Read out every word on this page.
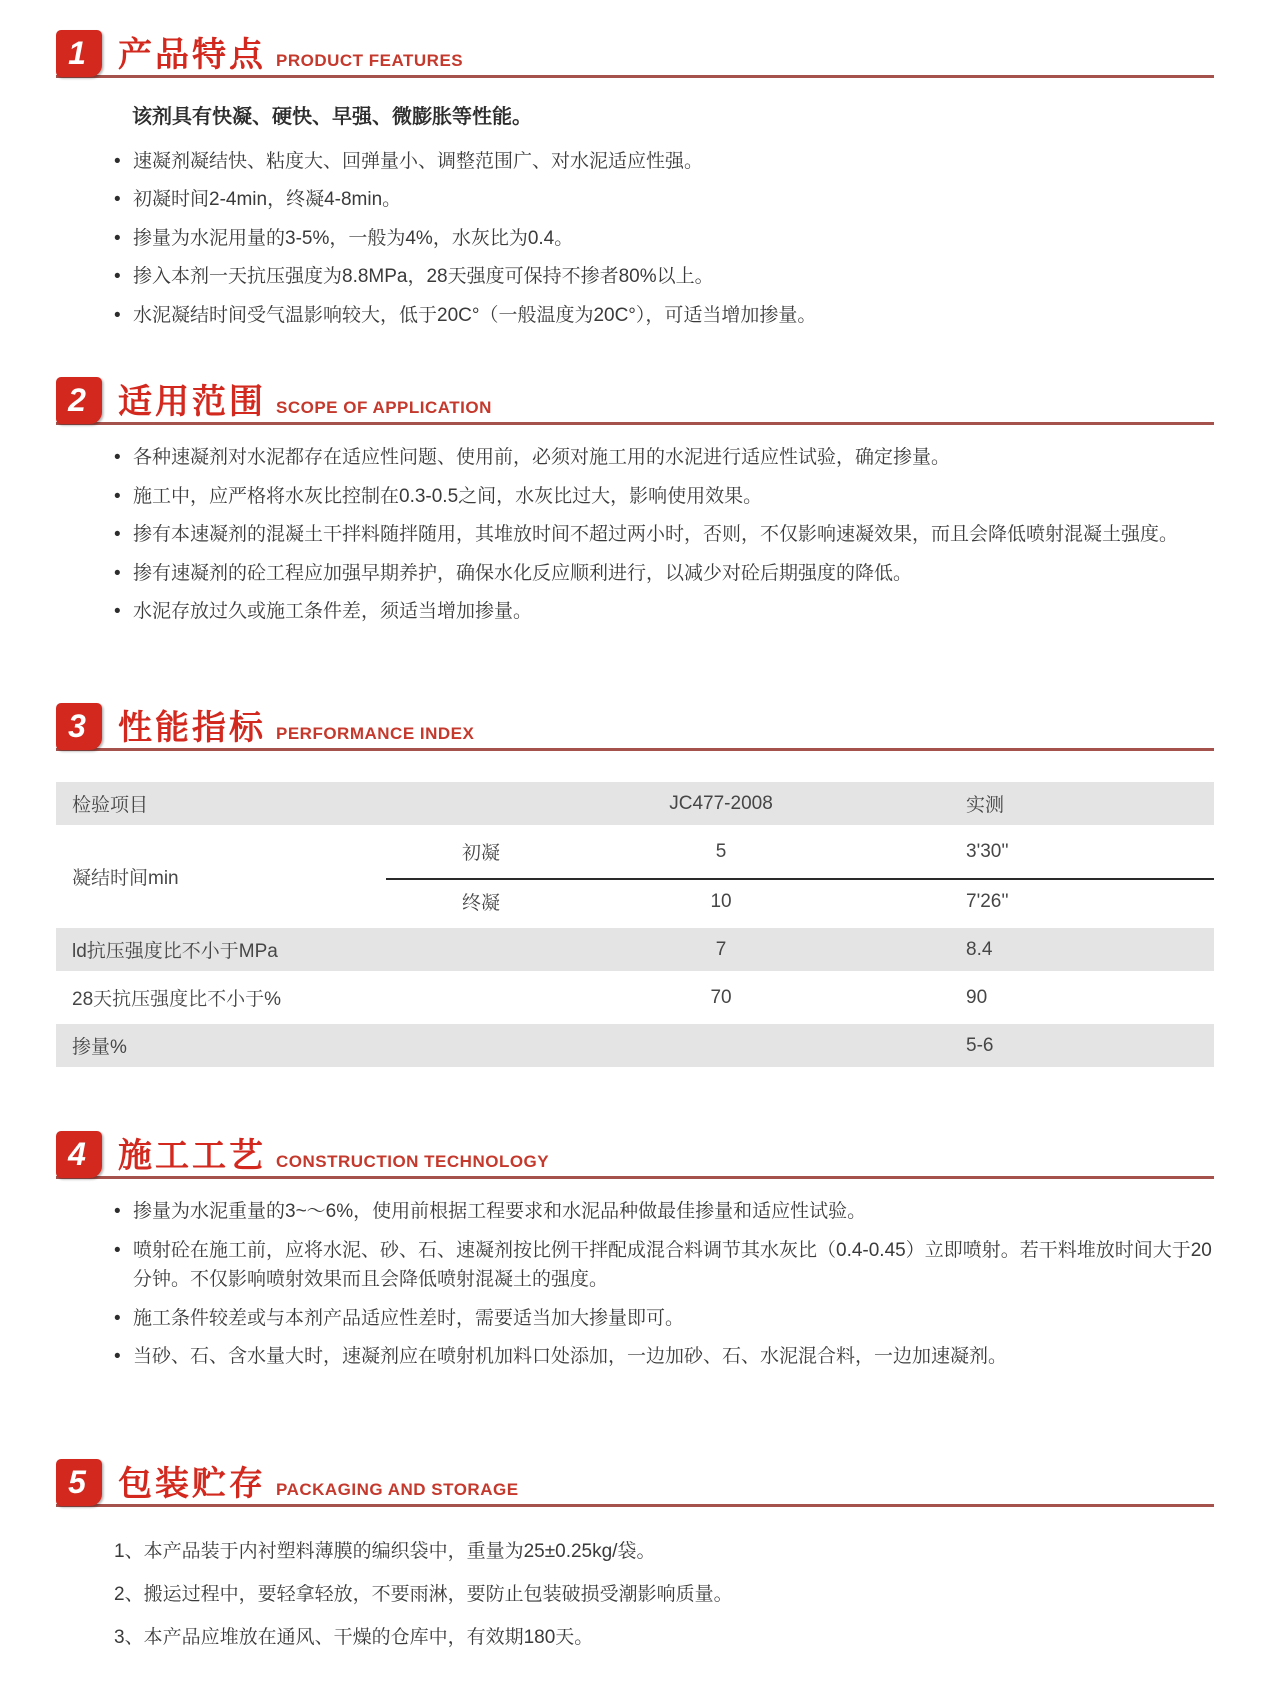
1 产品特点 PRODUCT FEATURES

该剂具有快凝、硬快、早强、微膨胀等性能。

• 速凝剂凝结快、粘度大、回弹量小、调整范围广、对水泥适应性强。
• 初凝时间2-4min，终凝4-8min。
• 掺量为水泥用量的3-5%，一般为4%，水灰比为0.4。
• 掺入本剂一天抗压强度为8.8MPa，28天强度可保持不掺者80%以上。
• 水泥凝结时间受气温影响较大，低于20C°（一般温度为20C°），可适当增加掺量。
2 适用范围 SCOPE OF APPLICATION
• 各种速凝剂对水泥都存在适应性问题、使用前，必须对施工用的水泥进行适应性试验，确定掺量。
• 施工中，应严格将水灰比控制在0.3-0.5之间，水灰比过大，影响使用效果。
• 掺有本速凝剂的混凝土干拌料随拌随用，其堆放时间不超过两小时，否则，不仅影响速凝效果，而且会降低喷射混凝土强度。
• 掺有速凝剂的砼工程应加强早期养护，确保水化反应顺利进行，以减少对砼后期强度的降低。
• 水泥存放过久或施工条件差，须适当增加掺量。
3 性能指标 PERFORMANCE INDEX
检验项目		JC477-2008	实测
凝结时间min	初凝	5	3'30''
	终凝	10	7'26''
ld抗压强度比不小于MPa		7	8.4
28天抗压强度比不小于%		70	90
掺量%			5-6
4 施工工艺 CONSTRUCTION TECHNOLOGY
• 掺量为水泥重量的3~～6%，使用前根据工程要求和水泥品种做最佳掺量和适应性试验。
• 喷射砼在施工前，应将水泥、砂、石、速凝剂按比例干拌配成混合料调节其水灰比（0.4-0.45）立即喷射。若干料堆放时间大于20分钟。不仅影响喷射效果而且会降低喷射混凝土的强度。
• 施工条件较差或与本剂产品适应性差时，需要适当加大掺量即可。
• 当砂、石、含水量大时，速凝剂应在喷射机加料口处添加，一边加砂、石、水泥混合料，一边加速凝剂。
5 包装贮存 PACKAGING AND STORAGE
1、本产品装于内衬塑料薄膜的编织袋中，重量为25±0.25kg/袋。
2、搬运过程中，要轻拿轻放，不要雨淋，要防止包装破损受潮影响质量。
3、本产品应堆放在通风、干燥的仓库中，有效期180天。
